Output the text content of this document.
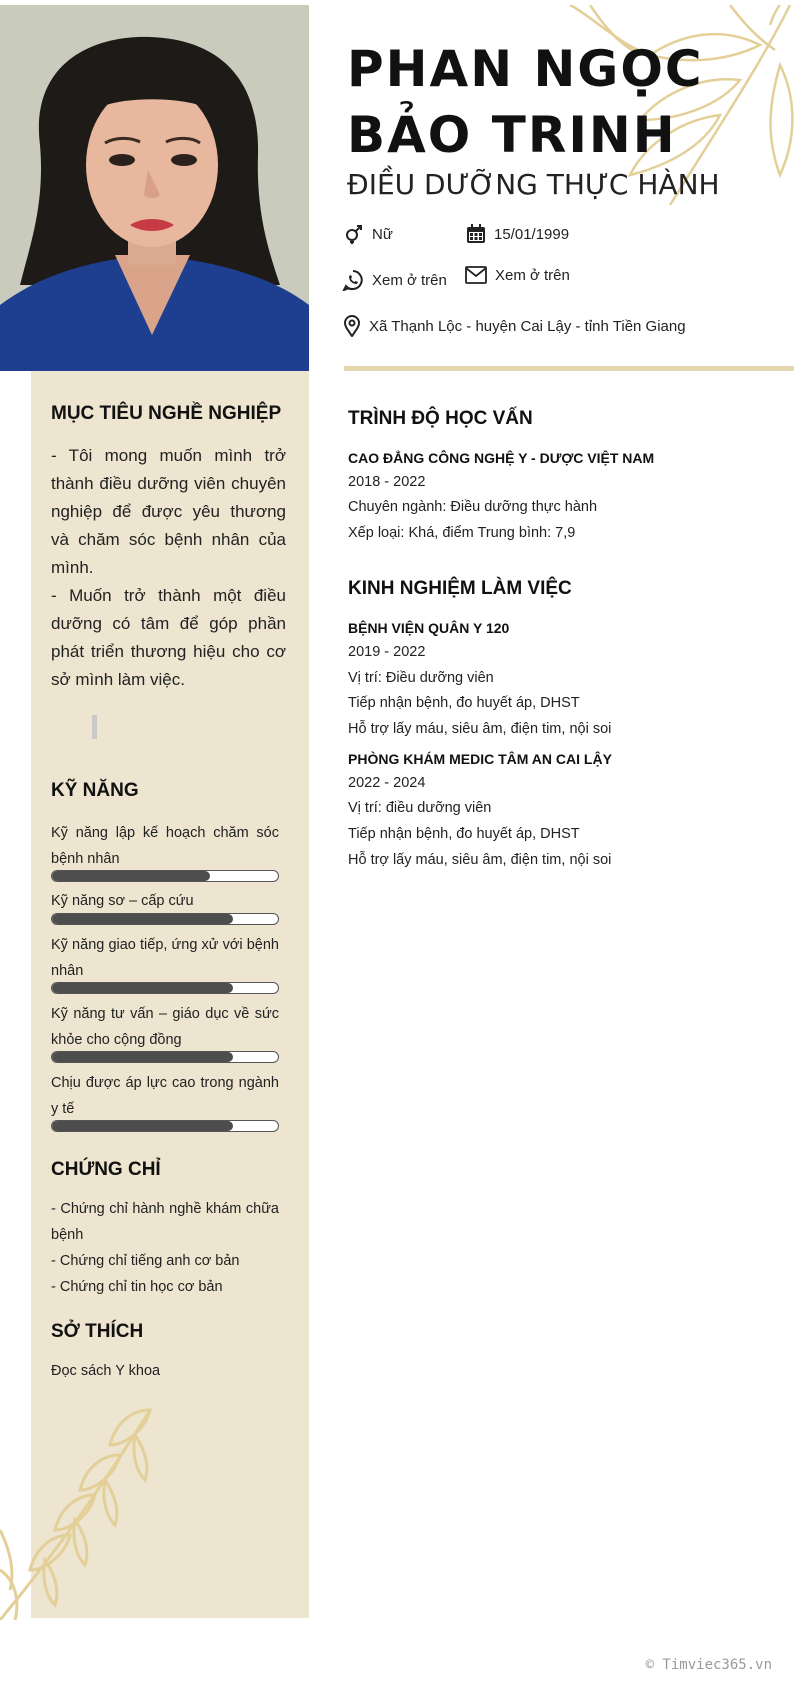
PHAN NGỌC BẢO TRINH
ĐIỀU DƯỠNG THỰC HÀNH
Nữ	15/01/1999
Xem ở trên	Xem ở trên
Xã Thạnh Lộc - huyện Cai Lậy - tỉnh Tiền Giang
MỤC TIÊU NGHỀ NGHIỆP
- Tôi mong muốn mình trở thành điều dưỡng viên chuyên nghiệp để được yêu thương và chăm sóc bệnh nhân của mình.
- Muốn trở thành một điều dưỡng có tâm để góp phần phát triển thương hiệu cho cơ sở mình làm việc.
KỸ NĂNG
Kỹ năng lập kế hoạch chăm sóc bệnh nhân
Kỹ năng sơ – cấp cứu
Kỹ năng giao tiếp, ứng xử với bệnh nhân
Kỹ năng tư vấn – giáo dục về sức khỏe cho cộng đồng
Chịu được áp lực cao trong ngành y tế
CHỨNG CHỈ
- Chứng chỉ hành nghề khám chữa bệnh
- Chứng chỉ tiếng anh cơ bản
- Chứng chỉ tin học cơ bản
SỞ THÍCH
Đọc sách Y khoa
TRÌNH ĐỘ HỌC VẤN
CAO ĐẲNG CÔNG NGHỆ Y - DƯỢC VIỆT NAM
2018 - 2022
Chuyên ngành: Điều dưỡng thực hành
Xếp loại: Khá, điểm Trung bình: 7,9
KINH NGHIỆM LÀM VIỆC
BỆNH VIỆN QUÂN Y 120
2019 - 2022
Vị trí: Điều dưỡng viên
Tiếp nhận bệnh, đo huyết áp, DHST
Hỗ trợ lấy máu, siêu âm, điện tim, nội soi
PHÒNG KHÁM MEDIC TÂM AN CAI LẬY
2022 - 2024
Vị trí: điều dưỡng viên
Tiếp nhận bệnh, đo huyết áp, DHST
Hỗ trợ lấy máu, siêu âm, điện tim, nội soi
© Timviec365.vn
